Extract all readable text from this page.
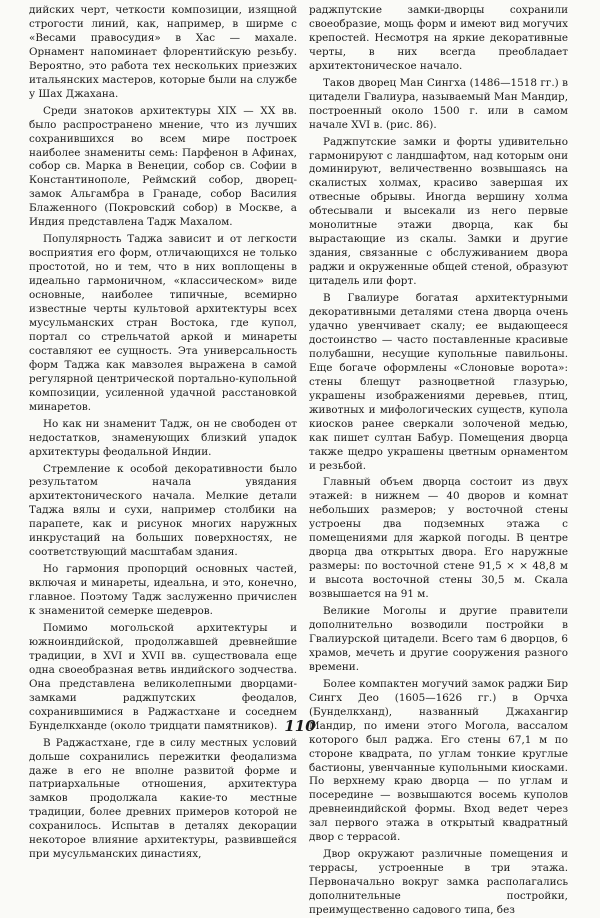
дийских черт, четкости композиции, изящной строгости линий, как, например, в ширме с «Весами правосудия» в Хас — махале. Орнамент напоминает флорентийскую резьбу. Вероятно, это работа тех нескольких приезжих итальянских мастеров, которые были на службе у Шах Джахана.

Среди знатоков архитектуры XIX — XX вв. было распространено мнение, что из лучших сохранившихся во всем мире построек наиболее знамениты семь: Парфенон в Афинах, собор св. Марка в Венеции, собор св. Софии в Константинополе, Реймский собор, дворец-замок Альгамбра в Гранаде, собор Василия Блаженного (Покровский собор) в Москве, а Индия представлена Тадж Махалом.

Популярность Таджа зависит и от легкости восприятия его форм, отличающихся не только простотой, но и тем, что в них воплощены в идеально гармоничном, «классическом» виде основные, наиболее типичные, всемирно известные черты культовой архитектуры всех мусульманских стран Востока, где купол, портал со стрельчатой аркой и минареты составляют ее сущность. Эта универсальность форм Таджа как мавзолея выражена в самой регулярной центрической портально-купольной композиции, усиленной удачной расстановкой минаретов.

Но как ни знаменит Тадж, он не свободен от недостатков, знаменующих близкий упадок архитектуры феодальной Индии.

Стремление к особой декоративности было результатом начала увядания архитектонического начала. Мелкие детали Таджа вялы и сухи, например столбики на парапете, как и рисунок многих наружных инкрустаций на больших поверхностях, не соответствующий масштабам здания.

Но гармония пропорций основных частей, включая и минареты, идеальна, и это, конечно, главное. Поэтому Тадж заслуженно причислен к знаменитой семерке шедевров.

Помимо могольской архитектуры и южноиндийской, продолжавшей древнейшие традиции, в XVI и XVII вв. существовала еще одна своеобразная ветвь индийского зодчества. Она представлена великолепными дворцами-замками раджпутских феодалов, сохранившимися в Раджастхане и соседнем Бунделкханде (около тридцати памятников).

В Раджастхане, где в силу местных условий дольше сохранились пережитки феодализма даже в его не вполне развитой форме и патриархальные отношения, архитектура замков продолжала какие-то местные традиции, более древних примеров которой не сохранилось. Испытав в деталях декорации некоторое влияние архитектуры, развившейся при мусульманских династиях,

раджпутские замки-дворцы сохранили своеобразие, мощь форм и имеют вид могучих крепостей. Несмотря на яркие декоративные черты, в них всегда преобладает архитектоническое начало.

Таков дворец Ман Сингха (1486—1518 гг.) в цитадели Гвалиура, называемый Ман Мандир, построенный около 1500 г. или в самом начале XVI в. (рис. 86).

Раджпутские замки и форты удивительно гармонируют с ландшафтом, над которым они доминируют, величественно возвышаясь на скалистых холмах, красиво завершая их отвесные обрывы. Иногда вершину холма обтесывали и высекали из него первые монолитные этажи дворца, как бы вырастающие из скалы. Замки и другие здания, связанные с обслуживанием двора раджи и окруженные общей стеной, образуют цитадель или форт.

В Гвалиуре богатая архитектурными декоративными деталями стена дворца очень удачно увенчивает скалу; ее выдающееся достоинство — часто поставленные красивые полубашни, несущие купольные павильоны. Еще богаче оформлены «Слоновые ворота»: стены блещут разноцветной глазурью, украшены изображениями деревьев, птиц, животных и мифологических существ, купола киосков ранее сверкали золоченой медью, как пишет султан Бабур. Помещения дворца также щедро украшены цветным орнаментом и резьбой.

Главный объем дворца состоит из двух этажей: в нижнем — 40 дворов и комнат небольших размеров; у восточной стены устроены два подземных этажа с помещениями для жаркой погоды. В центре дворца два открытых двора. Его наружные размеры: по восточной стене 91,5 × × 48,8 м и высота восточной стены 30,5 м. Скала возвышается на 91 м.

Великие Моголы и другие правители дополнительно возводили постройки в Гвалиурской цитадели. Всего там 6 дворцов, 6 храмов, мечеть и другие сооружения разного времени.

Более компактен могучий замок раджи Бир Сингх Део (1605—1626 гг.) в Орчха (Бунделкханд), названный Джахангир Мандир, по имени этого Могола, вассалом которого был раджа. Его стены 67,1 м по стороне квадрата, по углам тонкие круглые бастионы, увенчанные купольными киосками. По верхнему краю дворца — по углам и посередине — возвышаются восемь куполов древнеиндийской формы. Вход ведет через зал первого этажа в открытый квадратный двор с террасой.

Двор окружают различные помещения и террасы, устроенные в три этажа. Первоначально вокруг замка располагались дополнительные постройки, преимущественно садового типа, без

110
